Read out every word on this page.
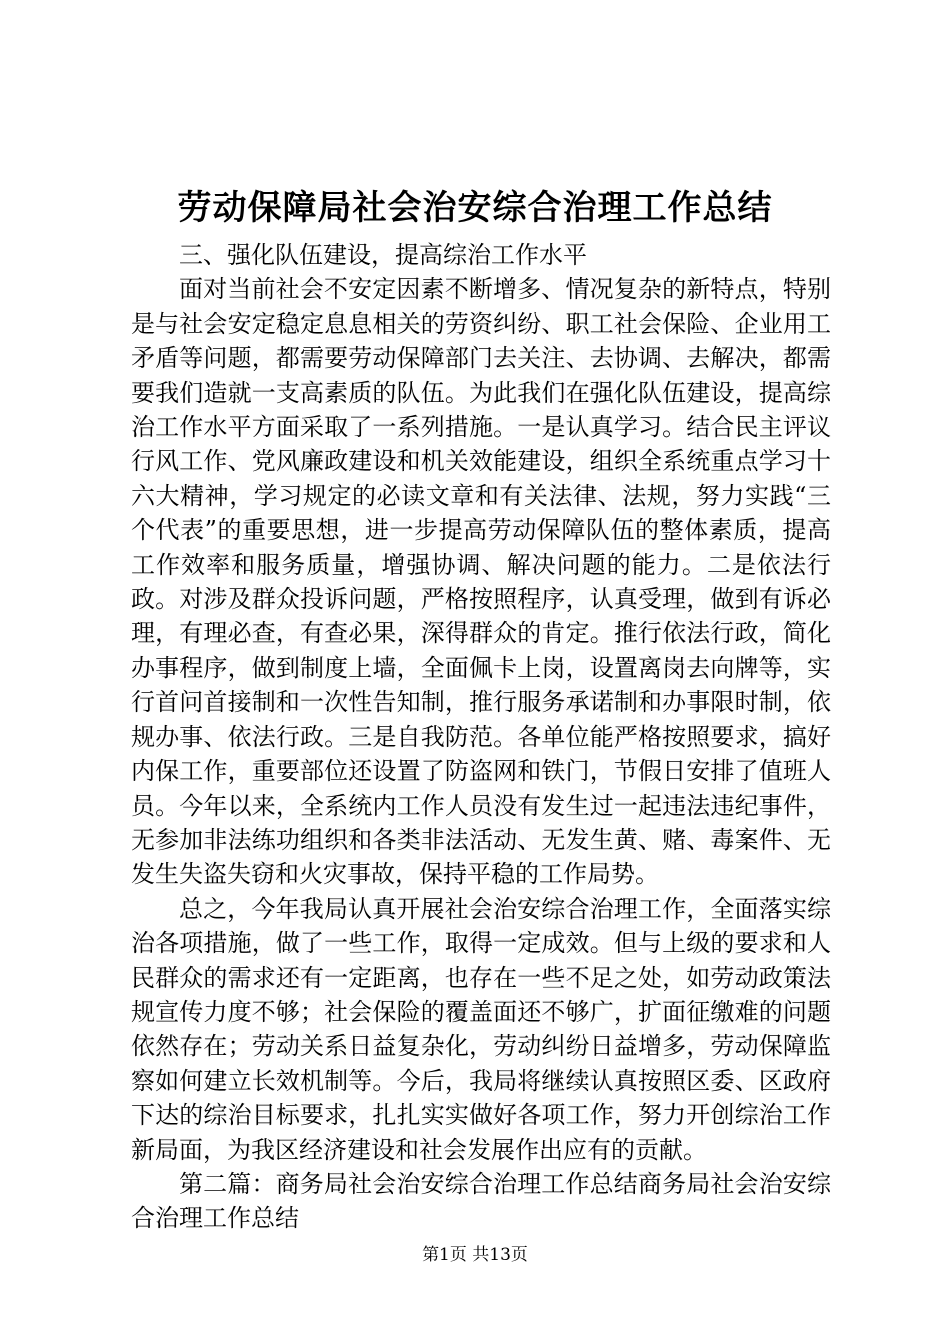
劳动保障局社会治安综合治理工作总结

三、强化队伍建设，提高综治工作水平

面对当前社会不安定因素不断增多、情况复杂的新特点，特别是与社会安定稳定息息相关的劳资纠纷、职工社会保险、企业用工矛盾等问题，都需要劳动保障部门去关注、去协调、去解决，都需要我们造就一支高素质的队伍。为此我们在强化队伍建设，提高综治工作水平方面采取了一系列措施。一是认真学习。结合民主评议行风工作、党风廉政建设和机关效能建设，组织全系统重点学习十六大精神，学习规定的必读文章和有关法律、法规，努力实践“三个代表”的重要思想，进一步提高劳动保障队伍的整体素质，提高工作效率和服务质量，增强协调、解决问题的能力。二是依法行政。对涉及群众投诉问题，严格按照程序，认真受理，做到有诉必理，有理必查，有查必果，深得群众的肯定。推行依法行政，简化办事程序，做到制度上墙，全面佩卡上岗，设置离岗去向牌等，实行首问首接制和一次性告知制，推行服务承诺制和办事限时制，依规办事、依法行政。三是自我防范。各单位能严格按照要求，搞好内保工作，重要部位还设置了防盗网和铁门，节假日安排了值班人员。今年以来，全系统内工作人员没有发生过一起违法违纪事件，无参加非法练功组织和各类非法活动、无发生黄、赌、毒案件、无发生失盗失窃和火灾事故，保持平稳的工作局势。

总之，今年我局认真开展社会治安综合治理工作，全面落实综治各项措施，做了一些工作，取得一定成效。但与上级的要求和人民群众的需求还有一定距离，也存在一些不足之处，如劳动政策法规宣传力度不够；社会保险的覆盖面还不够广，扩面征缴难的问题依然存在；劳动关系日益复杂化，劳动纠纷日益增多，劳动保障监察如何建立长效机制等。今后，我局将继续认真按照区委、区政府下达的综治目标要求，扎扎实实做好各项工作，努力开创综治工作新局面，为我区经济建设和社会发展作出应有的贡献。

第二篇：商务局社会治安综合治理工作总结商务局社会治安综合治理工作总结

第1页 共13页
